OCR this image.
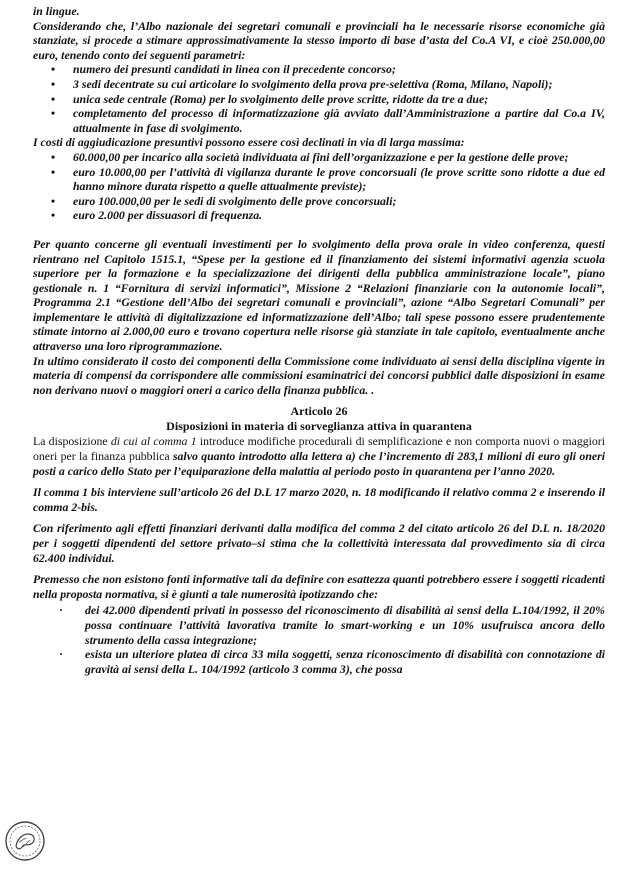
in lingue.

Considerando che, l’Albo nazionale dei segretari comunali e provinciali ha le necessarie risorse economiche già stanziate, si procede a stimare approssimativamente la stesso importo di base d’asta del Co.A VI, e cioè 250.000,00 euro, tenendo conto dei seguenti parametri:

• numero dei presunti candidati in linea con il precedente concorso;
• 3 sedi decentrate su cui articolare lo svolgimento della prova pre-selettiva (Roma, Milano, Napoli);
• unica sede centrale (Roma) per lo svolgimento delle prove scritte, ridotte da tre a due;
• completamento del processo di informatizzazione già avviato dall’Amministrazione a partire dal Co.a IV, attualmente in fase di svolgimento.

I costi di aggiudicazione presuntivi possono essere così declinati in via di larga massima:

• 60.000,00 per incarico alla società individuata ai fini dell’organizzazione e per la gestione delle prove;
• euro 10.000,00 per l’attività di vigilanza durante le prove concorsuali (le prove scritte sono ridotte a due ed hanno minore durata rispetto a quelle attualmente previste);
• euro 100.000,00 per le sedi di svolgimento delle prove concorsuali;
• euro 2.000 per dissuasori di frequenza.

Per quanto concerne gli eventuali investimenti per lo svolgimento della prova orale in video conferenza, questi rientrano nel Capitolo 1515.1, “Spese per la gestione ed il finanziamento dei sistemi informativi agenzia scuola superiore per la formazione e la specializzazione dei dirigenti della pubblica amministrazione locale”, piano gestionale n. 1 “Fornitura di servizi informatici”, Missione 2 “Relazioni finanziarie con la autonomie locali”, Programma 2.1 “Gestione dell’Albo dei segretari comunali e provinciali”, azione “Albo Segretari Comunali” per implementare le attività di digitalizzazione ed informatizzazione dell’Albo; tali spese possono essere prudentemente stimate intorno ai 2.000,00 euro e trovano copertura nelle risorse già stanziate in tale capitolo, eventualmente anche attraverso una loro riprogrammazione.

In ultimo considerato il costo dei componenti della Commissione come individuato ai sensi della disciplina vigente in materia di compensi da corrispondere alle commissioni esaminatrici dei concorsi pubblici dalle disposizioni in esame non derivano nuovi o maggiori oneri a carico della finanza pubblica. .

Articolo 26
Disposizioni in materia di sorveglianza attiva in quarantena

La disposizione di cui al comma 1 introduce modifiche procedurali di semplificazione e non comporta nuovi o maggiori oneri per la finanza pubblica salvo quanto introdotto alla lettera a) che l’incremento di 283,1 milioni di euro gli oneri posti a carico dello Stato per l’equiparazione della malattia al periodo posto in quarantena per l’anno 2020.

Il comma 1 bis interviene sull’articolo 26 del D.L 17 marzo 2020, n. 18 modificando il relativo comma 2 e inserendo il comma 2-bis.

Con riferimento agli effetti finanziari derivanti dalla modifica del comma 2 del citato articolo 26 del D.L n. 18/2020 per i soggetti dipendenti del settore privato–si stima che la collettività interessata dal provvedimento sia di circa 62.400 individui.

Premesso che non esistono fonti informative tali da definire con esattezza quanti potrebbero essere i soggetti ricadenti nella proposta normativa, si è giunti a tale numerosità ipotizzando che:

· dei 42.000 dipendenti privati in possesso del riconoscimento di disabilità ai sensi della L.104/1992, il 20% possa continuare l’attività lavorativa tramite lo smart-working e un 10% usufruisca ancora dello strumento della cassa integrazione;
· esista un ulteriore platea di circa 33 mila soggetti, senza riconoscimento di disabilità con connotazione di gravità ai sensi della L. 104/1992 (articolo 3 comma 3), che possa
